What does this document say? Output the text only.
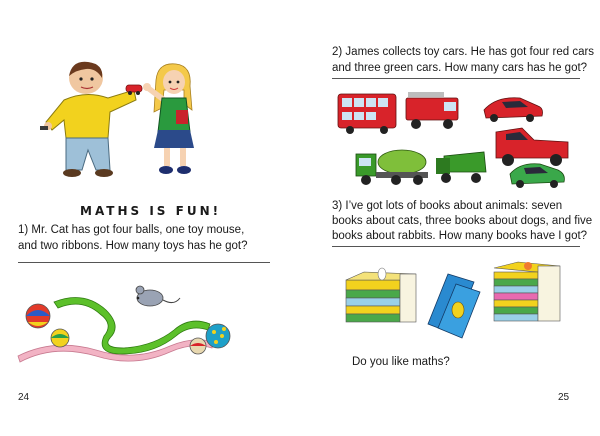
MATHS IS FUN!
1) Mr. Cat has got four balls, one toy mouse,
and two ribbons. How many toys has he got?
24
2) James collects toy cars. He has got four red cars
and three green cars. How many cars has he got?
3) I’ve got lots of books about animals: seven
books about cats, three books about dogs, and five
books about rabbits. How many books have I got?
Do you like maths?
25
